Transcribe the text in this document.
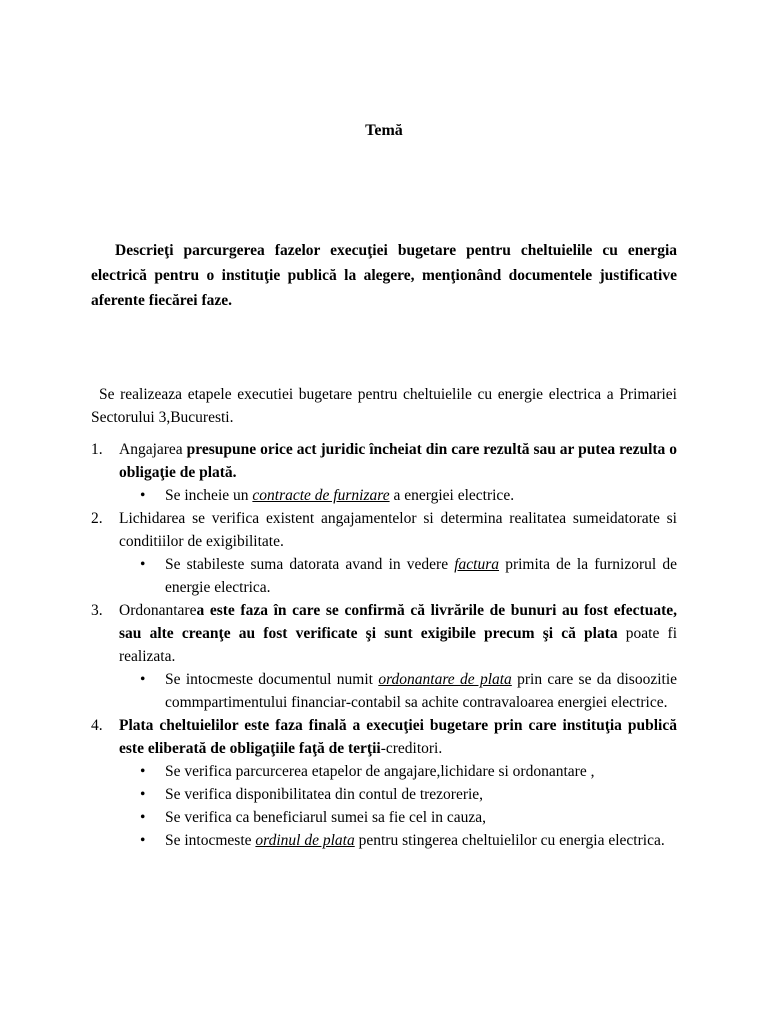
Temă

Descrieţi parcurgerea fazelor execuţiei bugetare pentru cheltuielile cu energia electrică pentru o instituţie publică la alegere, menţionând documentele justificative aferente fiecărei faze.

Se realizeaza etapele executiei bugetare pentru cheltuielile cu energie electrica a Primariei Sectorului 3,Bucuresti.

1. Angajarea presupune orice act juridic încheiat din care rezultă sau ar putea rezulta o obligaţie de plată.
• Se incheie un contracte de furnizare a energiei electrice.
2. Lichidarea se verifica existent angajamentelor si determina realitatea sumeidatorate si conditiilor de exigibilitate.
• Se stabileste suma datorata avand in vedere factura primita de la furnizorul de energie electrica.
3. Ordonantarea este faza în care se confirmă că livrările de bunuri au fost efectuate, sau alte creanţe au fost verificate şi sunt exigibile precum şi că plata poate fi realizata.
• Se intocmeste documentul numit ordonantare de plata prin care se da disoozitie commpartimentului financiar-contabil sa achite contravaloarea energiei electrice.
4. Plata cheltuielilor este faza finală a execuţiei bugetare prin care instituţia publică este eliberată de obligaţiile faţă de terţii-creditori.
• Se verifica parcurcerea etapelor de angajare,lichidare si ordonantare ,
• Se verifica disponibilitatea din contul de trezorerie,
• Se verifica ca beneficiarul sumei sa fie cel in cauza,
• Se intocmeste ordinul de plata pentru stingerea cheltuielilor cu energia electrica.
